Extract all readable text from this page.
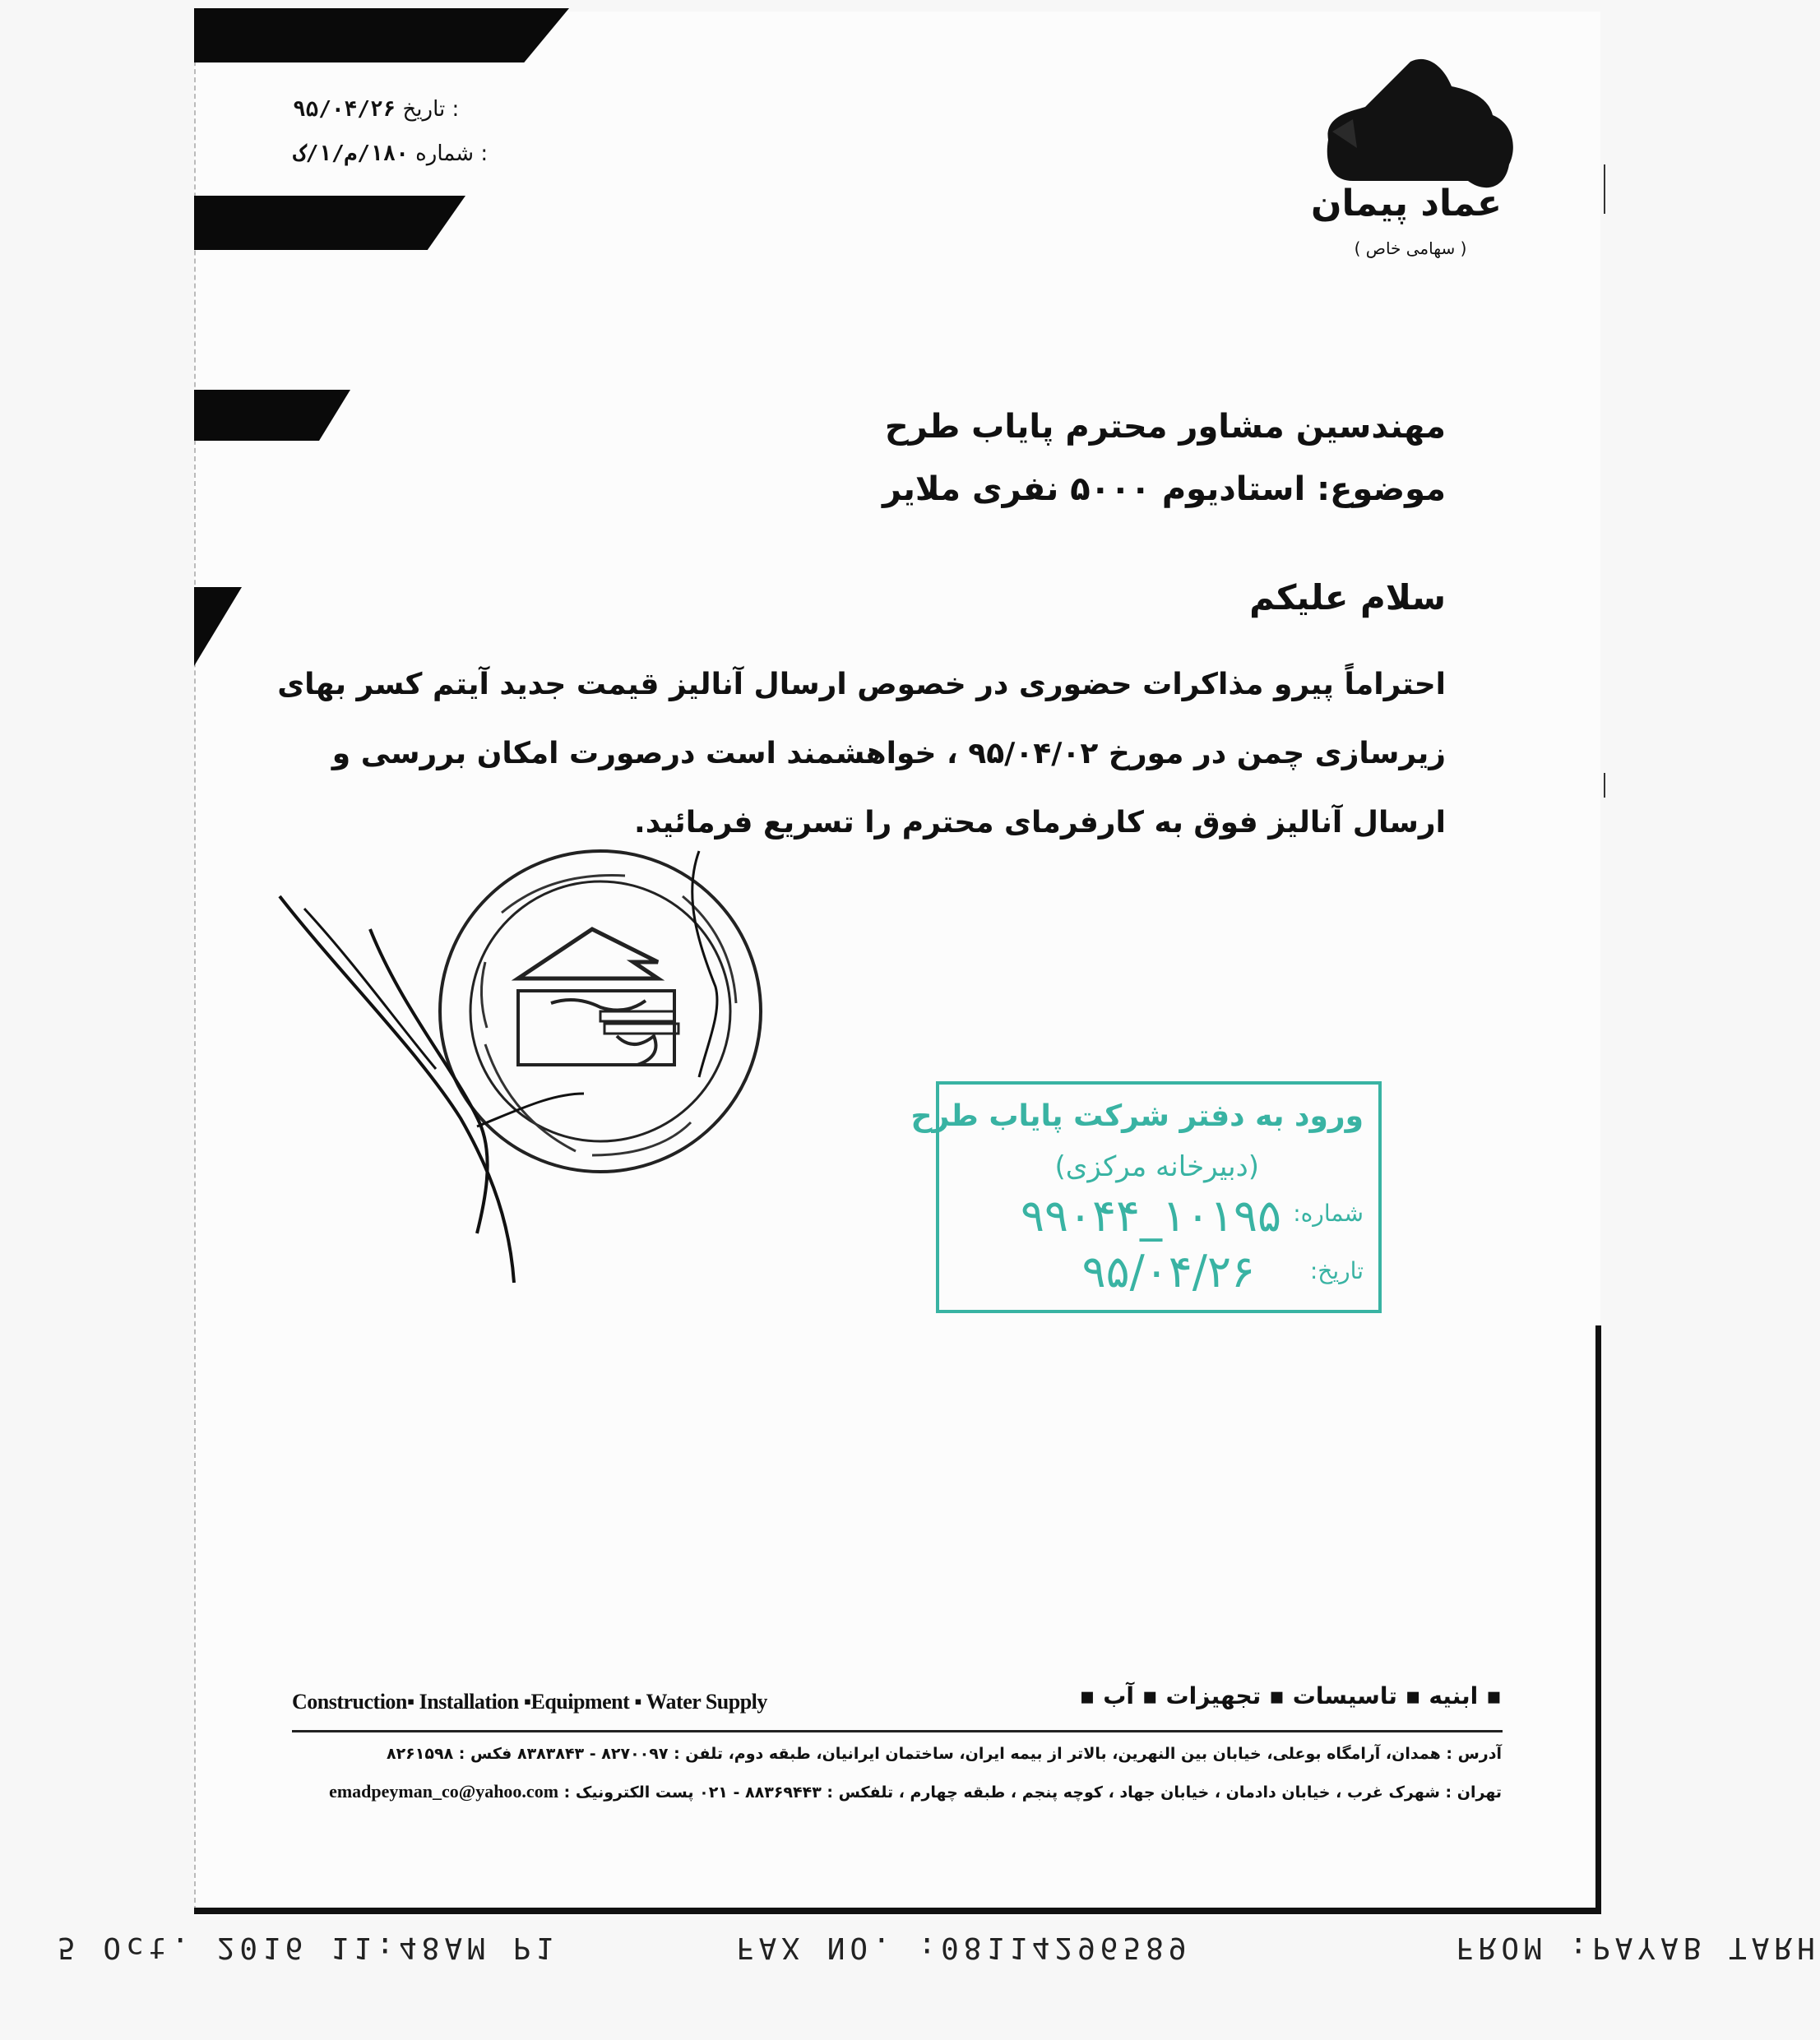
: تاریخ ۹۵/۰۴/۲۶
: شماره ۱۸۰/م/۱/ک
عماد پیمان
( سهامی خاص )
مهندسین مشاور محترم پایاب طرح
موضوع: استادیوم ۵۰۰۰ نفری ملایر
سلام علیکم
احتراماً پیرو مذاکرات حضوری در خصوص ارسال آنالیز قیمت جدید آیتم کسر بهای
زیرسازی چمن در مورخ ۹۵/۰۴/۰۲ ، خواهشمند است درصورت امکان بررسی و
ارسال آنالیز فوق به کارفرمای محترم را تسریع فرمائید.
ورود به دفتر شرکت پایاب طرح
(دبیرخانه مرکزی)
شماره:
۱۰۱۹۵_۹۹۰۴۴
تاریخ:
۹۵/۰۴/۲۶
Construction▪ Installation ▪Equipment ▪ Water Supply	▪ ابنیه ▪ تاسیسات ▪ تجهیزات ▪ آب ▪
آدرس : همدان، آرامگاه بوعلی، خیابان بین النهرین، بالاتر از بیمه ایران، ساختمان ایرانیان، طبقه دوم، تلفن : ۸۲۷۰۰۹۷ - ۸۳۸۳۸۴۳ فکس : ۸۲۶۱۵۹۸
تهران : شهرک غرب ، خیابان دادمان ، خیابان جهاد ، کوچه پنجم ، طبقه چهارم ، تلفکس : ۸۸۳۶۹۴۴۳ - ۰۲۱ پست الکترونیک : emadpeyman_co@yahoo.com
5 Oct. 2016 11:48AM P1	FAX NO. :08114296589	FROM :PAYAB TARH
